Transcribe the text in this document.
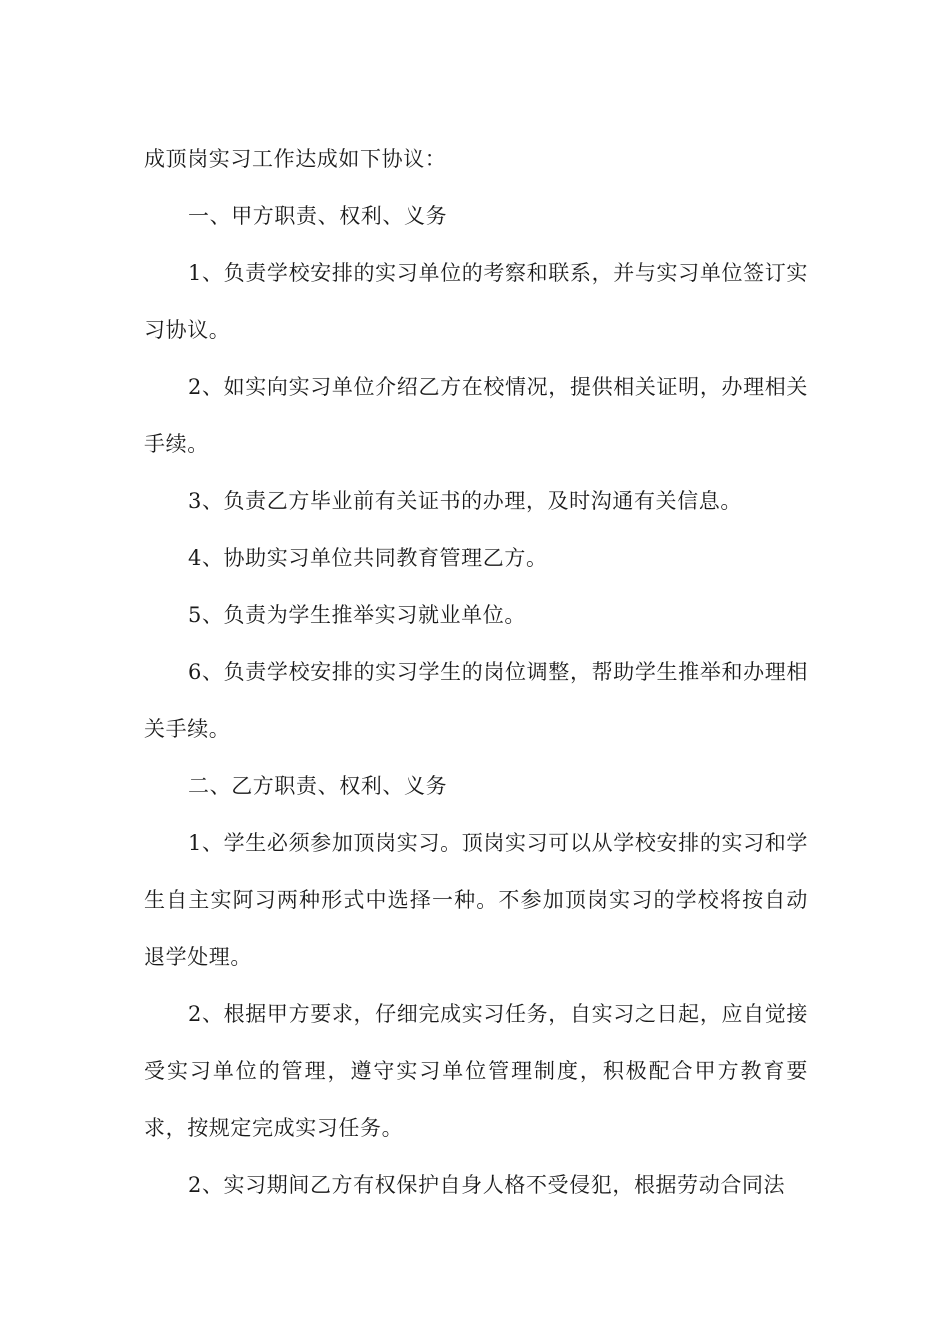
成顶岗实习工作达成如下协议：

一、甲方职责、权利、义务

1、负责学校安排的实习单位的考察和联系，并与实习单位签订实习协议。

2、如实向实习单位介绍乙方在校情况，提供相关证明，办理相关手续。

3、负责乙方毕业前有关证书的办理，及时沟通有关信息。

4、协助实习单位共同教育管理乙方。

5、负责为学生推举实习就业单位。

6、负责学校安排的实习学生的岗位调整，帮助学生推举和办理相关手续。

二、乙方职责、权利、义务

1、学生必须参加顶岗实习。顶岗实习可以从学校安排的实习和学生自主实阿习两种形式中选择一种。不参加顶岗实习的学校将按自动退学处理。

2、根据甲方要求，仔细完成实习任务，自实习之日起，应自觉接受实习单位的管理，遵守实习单位管理制度，积极配合甲方教育要求，按规定完成实习任务。

2、实习期间乙方有权保护自身人格不受侵犯，根据劳动合同法
